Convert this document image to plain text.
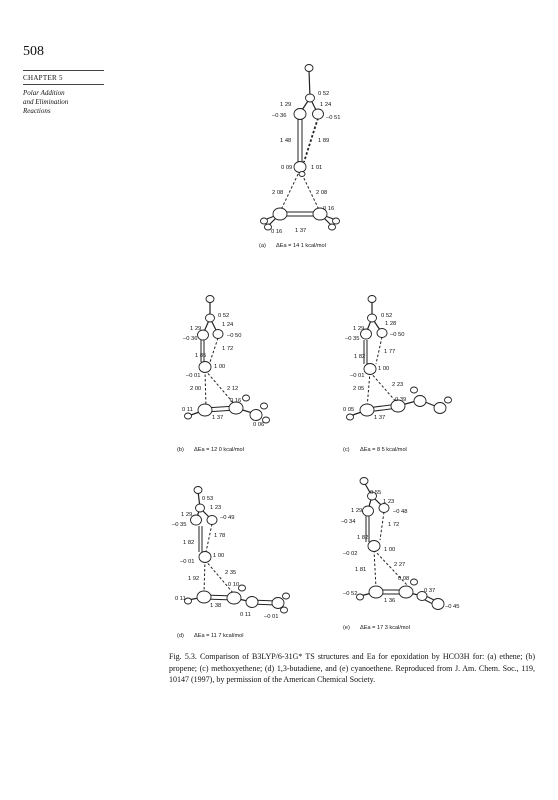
508
CHAPTER 5
Polar Addition
and Elimination
Reactions
0 52
1 29	1 24
–0 36	–0 51
1 48	1 89
0 09	1 01
2 08	2 08
0 16
0 16 1 37
(a) ΔEa = 14 1 kcal/mol
0 52
1 24
1 29
–0 50
–0 36
1 72
1 85
1 00
–0 01
2 00	2 12
0 16
0 11
1 37
0 06
(b) ΔEa = 12 0 kcal/mol
0 52
1 28
1 29
–0 50
–0 35
1 77
1 82
1 00
–0 01
2 05
2 23
0 39
0 05
1 37
(c) ΔEa = 8 5 kcal/mol
0 53
1 23
1 29	–0 49
–0 35
1 78
1 82
1 00
–0 01
2 35
1 92
0 10
0 11
1 38
0 11 –0 01
(d) ΔEa = 11 7 kcal/mol
0 55
1 23
1 29	–0 48
–0 34	1 72
1 82
1 00
–0 02
2 27
1 81
0 08
–0 52
1 36
0 37
–0 45
(e) ΔEa = 17 3 kcal/mol
Fig. 5.3. Comparison of B3LYP/6-31G* TS structures and Ea for epoxidation by HCO3H for: (a) ethene; (b) propene; (c) methoxyethene; (d) 1,3-butadiene, and (e) cyanoethene. Reproduced from J. Am. Chem. Soc., 119, 10147 (1997), by permission of the American Chemical Society.
